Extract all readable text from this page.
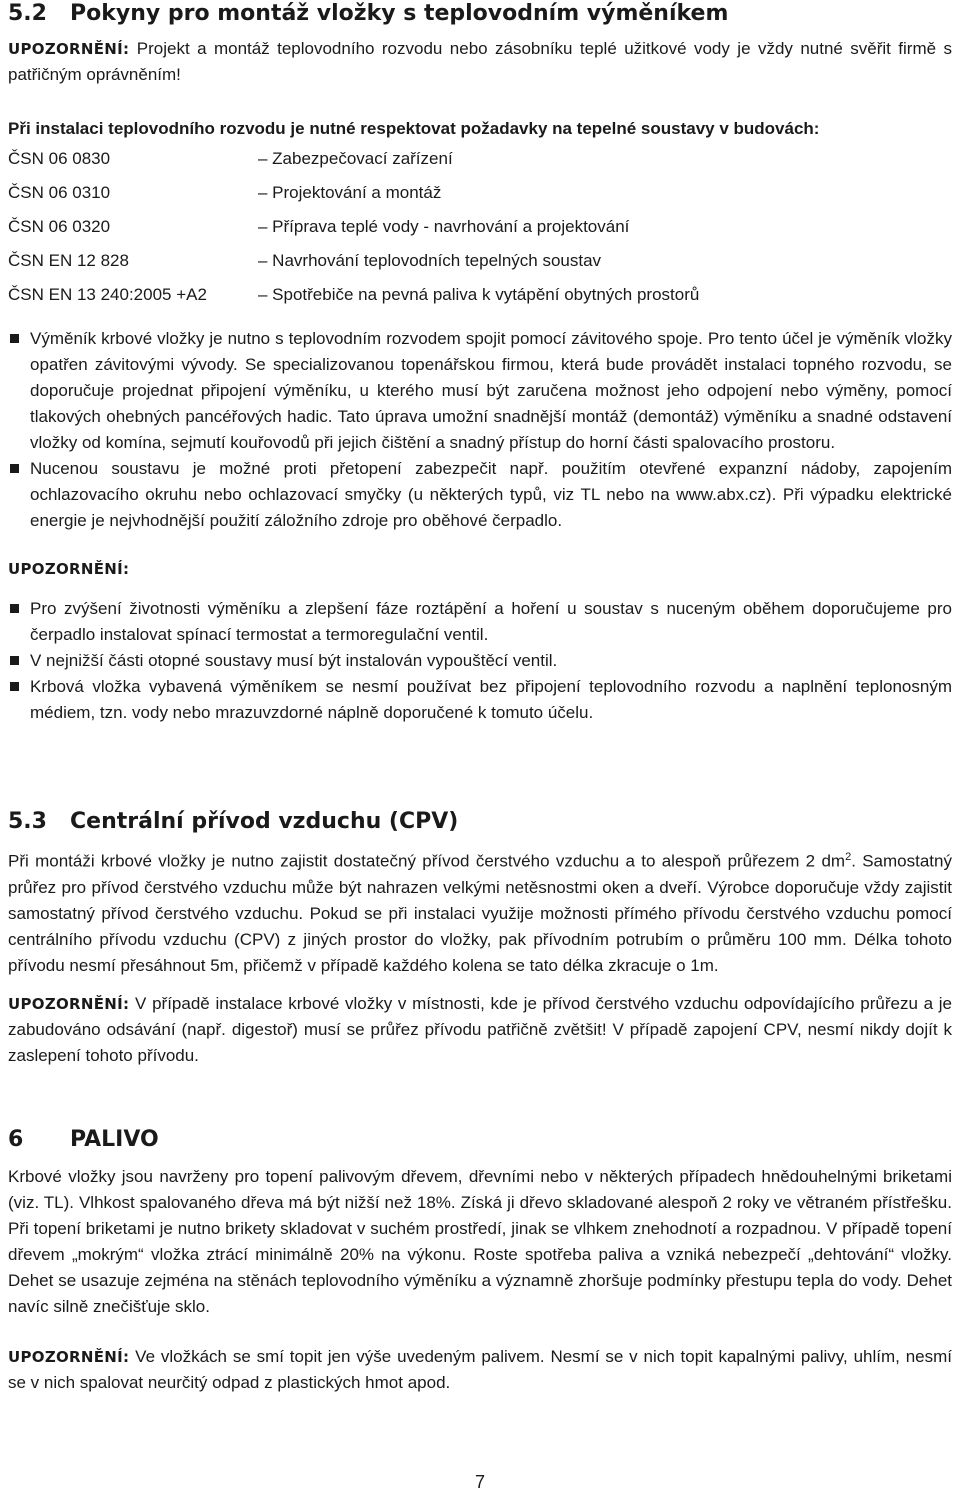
5.2 Pokyny pro montáž vložky s teplovodním výměníkem

UPOZORNĚNÍ: Projekt a montáž teplovodního rozvodu nebo zásobníku teplé užitkové vody je vždy nutné svěřit firmě s patřičným oprávněním!

Při instalaci teplovodního rozvodu je nutné respektovat požadavky na tepelné soustavy v budovách:

ČSN 06 0830	– Zabezpečovací zařízení
ČSN 06 0310	– Projektování a montáž
ČSN 06 0320	– Příprava teplé vody - navrhování a projektování
ČSN EN 12 828	– Navrhování teplovodních tepelných soustav
ČSN EN 13 240:2005 +A2	– Spotřebiče na pevná paliva k vytápění obytných prostorů
Výměník krbové vložky je nutno s teplovodním rozvodem spojit pomocí závitového spoje. Pro tento účel je výměník vložky opatřen závitovými vývody. Se specializovanou topenářskou firmou, která bude provádět instalaci topného rozvodu, se doporučuje projednat připojení výměníku, u kterého musí být zaručena možnost jeho odpojení nebo výměny, pomocí tlakových ohebných pancéřových hadic. Tato úprava umožní snadnější montáž (demontáž) výměníku a snadné odstavení vložky od komína, sejmutí kouřovodů při jejich čištění a snadný přístup do horní části spalovacího prostoru.
Nucenou soustavu je možné proti přetopení zabezpečit např. použitím otevřené expanzní nádoby, zapojením ochlazovacího okruhu nebo ochlazovací smyčky (u některých typů, viz TL nebo na www.abx.cz). Při výpadku elektrické energie je nejvhodnější použití záložního zdroje pro oběhové čerpadlo.

UPOZORNĚNÍ:

Pro zvýšení životnosti výměníku a zlepšení fáze roztápění a hoření u soustav s nuceným oběhem doporučujeme pro čerpadlo instalovat spínací termostat a termoregulační ventil.
V nejnižší části otopné soustavy musí být instalován vypouštěcí ventil.
Krbová vložka vybavená výměníkem se nesmí používat bez připojení teplovodního rozvodu a naplnění teplonosným médiem, tzn. vody nebo mrazuvzdorné náplně doporučené k tomuto účelu.
5.3 Centrální přívod vzduchu (CPV)

Při montáži krbové vložky je nutno zajistit dostatečný přívod čerstvého vzduchu a to alespoň průřezem 2 $dm^2$. Samostatný průřez pro přívod čerstvého vzduchu může být nahrazen velkými netěsnostmi oken a dveří. Výrobce doporučuje vždy zajistit samostatný přívod čerstvého vzduchu. Pokud se při instalaci využije možnosti přímého přívodu čerstvého vzduchu pomocí centrálního přívodu vzduchu (CPV) z jiných prostor do vložky, pak přívodním potrubím o průměru 100 mm. Délka tohoto přívodu nesmí přesáhnout 5m, přičemž v případě každého kolena se tato délka zkracuje o 1m.

UPOZORNĚNÍ: V případě instalace krbové vložky v místnosti, kde je přívod čerstvého vzduchu odpovídajícího průřezu a je zabudováno odsávání (např. digestoř) musí se průřez přívodu patřičně zvětšit! V případě zapojení CPV, nesmí nikdy dojít k zaslepení tohoto přívodu.

6 PALIVO

Krbové vložky jsou navrženy pro topení palivovým dřevem, dřevními nebo v některých případech hnědouhelnými briketami (viz. TL). Vlhkost spalovaného dřeva má být nižší než 18%. Získá ji dřevo skladované alespoň 2 roky ve větraném přístřešku. Při topení briketami je nutno brikety skladovat v suchém prostředí, jinak se vlhkem znehodnotí a rozpadnou. V případě topení dřevem „mokrým“ vložka ztrácí minimálně 20% na výkonu. Roste spotřeba paliva a vzniká nebezpečí „dehtování“ vložky. Dehet se usazuje zejména na stěnách teplovodního výměníku a významně zhoršuje podmínky přestupu tepla do vody. Dehet navíc silně znečišťuje sklo.

UPOZORNĚNÍ: Ve vložkách se smí topit jen výše uvedeným palivem. Nesmí se v nich topit kapalnými palivy, uhlím, nesmí se v nich spalovat neurčitý odpad z plastických hmot apod.

7
